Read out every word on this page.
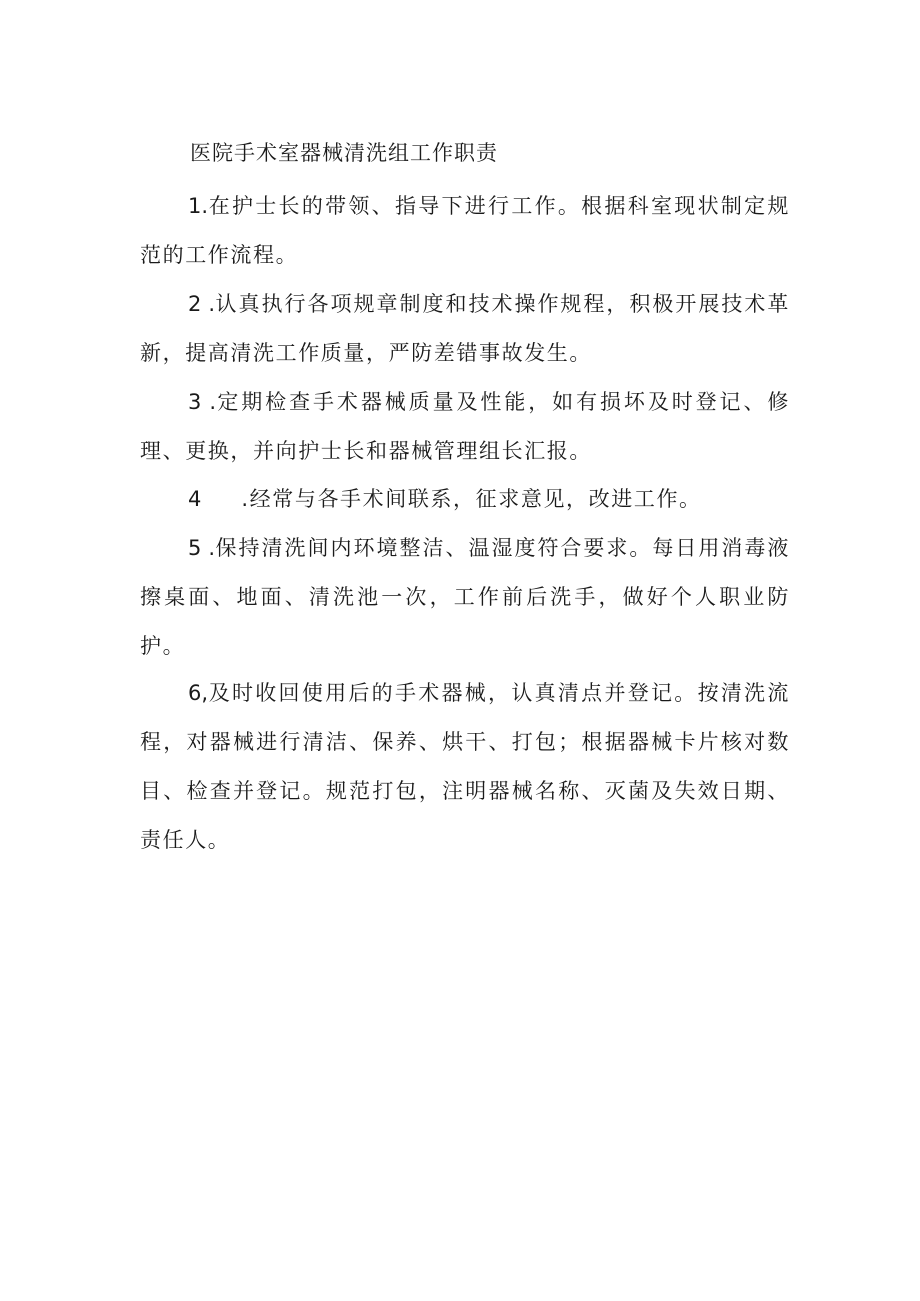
医院手术室器械清洗组工作职责

1.在护士长的带领、指导下进行工作。根据科室现状制定规范的工作流程。

2 .认真执行各项规章制度和技术操作规程，积极开展技术革新，提高清洗工作质量，严防差错事故发生。

3 .定期检查手术器械质量及性能，如有损坏及时登记、修理、更换，并向护士长和器械管理组长汇报。

4 .经常与各手术间联系，征求意见，改进工作。

5 .保持清洗间内环境整洁、温湿度符合要求。每日用消毒液擦桌面、地面、清洗池一次，工作前后洗手，做好个人职业防护。

6,及时收回使用后的手术器械，认真清点并登记。按清洗流程，对器械进行清洁、保养、烘干、打包；根据器械卡片核对数目、检查并登记。规范打包，注明器械名称、灭菌及失效日期、责任人。
